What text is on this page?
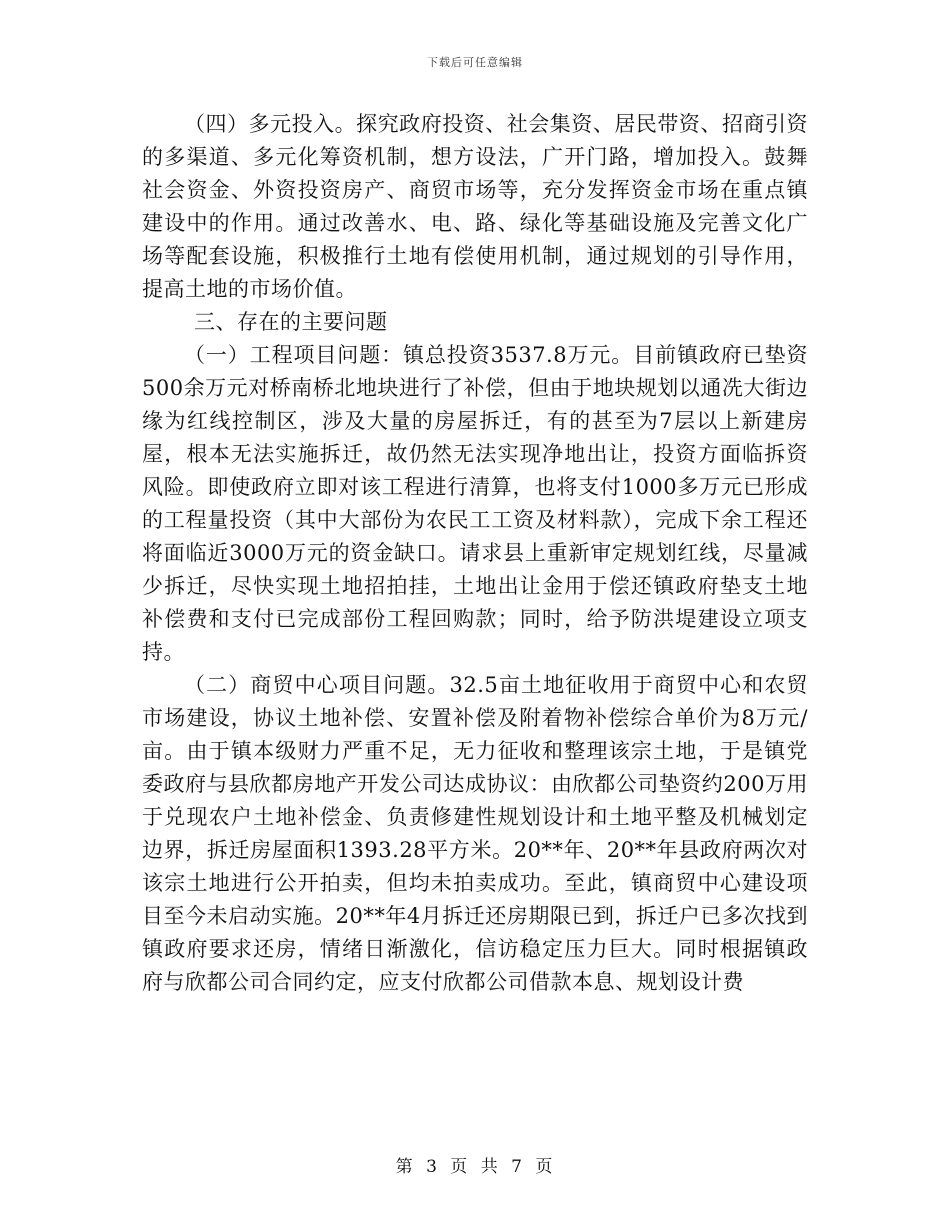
下载后可任意编辑

（四）多元投入。探究政府投资、社会集资、居民带资、招商引资的多渠道、多元化筹资机制，想方设法，广开门路，增加投入。鼓舞社会资金、外资投资房产、商贸市场等，充分发挥资金市场在重点镇建设中的作用。通过改善水、电、路、绿化等基础设施及完善文化广场等配套设施，积极推行土地有偿使用机制，通过规划的引导作用，提高土地的市场价值。

三、存在的主要问题

（一）工程项目问题：镇总投资3537.8万元。目前镇政府已垫资500余万元对桥南桥北地块进行了补偿，但由于地块规划以通冼大街边缘为红线控制区，涉及大量的房屋拆迁，有的甚至为7层以上新建房屋，根本无法实施拆迁，故仍然无法实现净地出让，投资方面临拆资风险。即使政府立即对该工程进行清算，也将支付1000多万元已形成的工程量投资（其中大部份为农民工工资及材料款），完成下余工程还将面临近3000万元的资金缺口。请求县上重新审定规划红线，尽量减少拆迁，尽快实现土地招拍挂，土地出让金用于偿还镇政府垫支土地补偿费和支付已完成部份工程回购款；同时，给予防洪堤建设立项支持。

（二）商贸中心项目问题。32.5亩土地征收用于商贸中心和农贸市场建设，协议土地补偿、安置补偿及附着物补偿综合单价为8万元/亩。由于镇本级财力严重不足，无力征收和整理该宗土地，于是镇党委政府与县欣都房地产开发公司达成协议：由欣都公司垫资约200万用于兑现农户土地补偿金、负责修建性规划设计和土地平整及机械划定边界，拆迁房屋面积1393.28平方米。20**年、20**年县政府两次对该宗土地进行公开拍卖，但均未拍卖成功。至此，镇商贸中心建设项目至今未启动实施。20**年4月拆迁还房期限已到，拆迁户已多次找到镇政府要求还房，情绪日渐激化，信访稳定压力巨大。同时根据镇政府与欣都公司合同约定，应支付欣都公司借款本息、规划设计费

第 3 页 共 7 页
